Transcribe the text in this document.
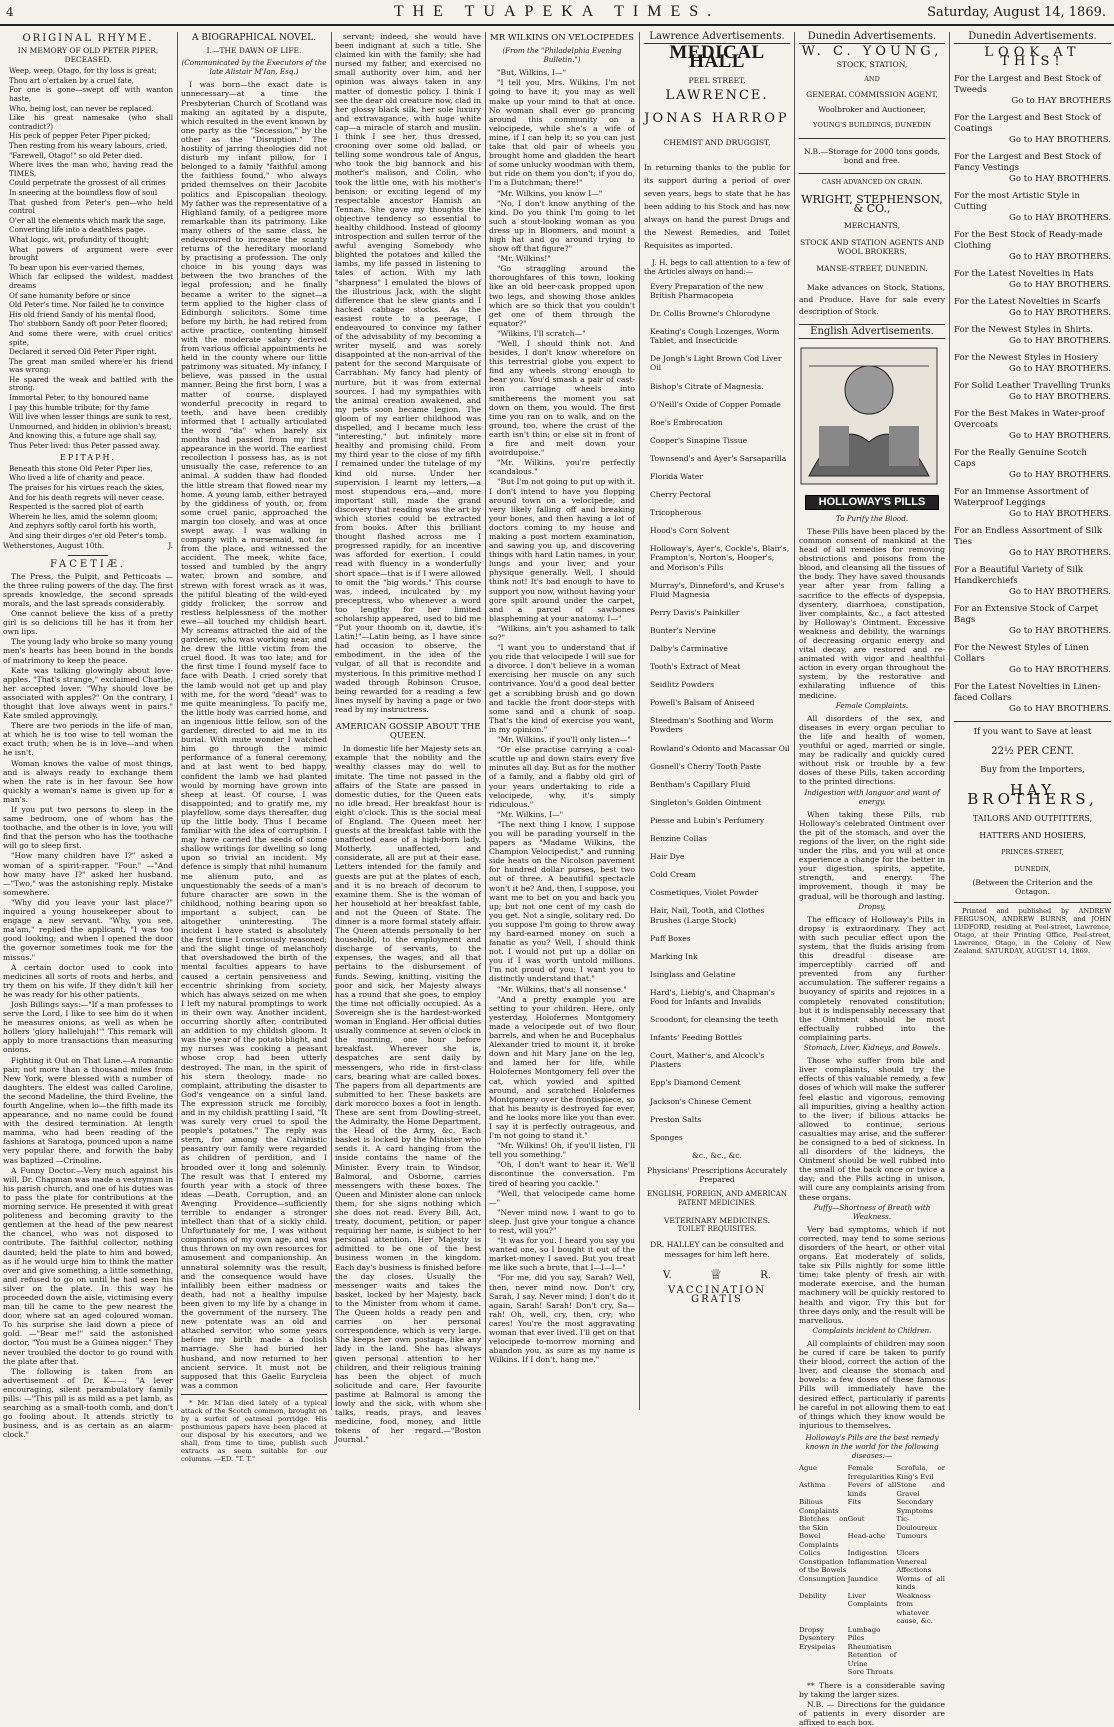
4	THE TUAPEKA TIMES.	Saturday, August 14, 1869.
ORIGINAL RHYME.
IN MEMORY OF OLD PETER PIPER, DECEASED.

Weep, weep, Otago, for thy loss is great;

Thou art o'ertaken by a cruel fate,

For one is gone—swept off with wanton haste,

Who, being lost, can never be replaced.

Like his great namesake (who shall contradict?)

His peck of pepper Peter Piper picked;

Then resting from his weary labours, cried,

"Farewell, Otago!" so old Peter died.

Where lives the man who, having read the TIMES,

Could perpetrate the grossest of all crimes

In sneering at the boundless flow of soul

That gushed from Peter's pen—who held control

O'er all the elements which mark the sage,

Converting life into a deathless page.

What logic, wit, profundity of thought;

What powers of argument were ever brought

To bear upon his ever-varied themes,

Which far eclipsed the wildest, maddest dreams

Of sane humanity before or since

Old Peter's time. Nor failed he to convince

His old friend Sandy of his mental flood,

Tho' stubborn Sandy oft poor Peter floored;

And some there were, with cruel critics' spite,

Declared it served Old Peter Piper right.

The great man smiled where'er his friend was wrong:

He spared the weak and battled with the strong.

Immortal Peter, to thy honoured name

I pay this humble tribute; for thy fame

Will live when lesser things are sunk to rest,

Unmourned, and hidden in oblivion's breast;

And knowing this, a future age shall say,

Thus Peter lived: thus Peter passed away.

EPITAPH.

Beneath this stone Old Peter Piper lies,

Who lived a life of charity and peace.

The praises for his virtues reach the skies,

And for his death regrets will never cease.

Respected is the sacred plot of earth

Wherein he lies, amid the solemn gloom;

And zephyrs softly carol forth his worth,

And sing their dirges o'er old Peter's tomb.

Wetherstones, August 10th.	J.
FACETIÆ.

The Press, the Pulpit, and Petticoats —the three ruling powers of the day. The first spreads knowledge, the second spreads morals, and the last spreads considerably.

One cannot believe the kiss of a pretty girl is so delicious till he has it from her own lips.

The young lady who broke so many young men's hearts has been bound in the bonds of matrimony to keep the peace.

Kate was talking glowingly about love-apples. "That's strange," exclaimed Charlie, her accepted lover. "Why should love be associated with apples?" On the contrary, I thought that love always went in pairs." Kate smiled approvingly.

There are two periods in the life of man, at which he is too wise to tell woman the exact truth; when he is in love—and when he isn't.

Woman knows the value of most things, and is always ready to exchange them when the rate is in her favour. See how quickly a woman's name is given up for a man's.

If you put two persons to sleep in the same bedroom, one of whom has the toothache, and the other is in love, you will find that the person who has the toothache will go to sleep first.

"How many children have I?" asked a woman of a spirit-rapper. "Four." —"And how many have I?" asked her husband.—"Two," was the astonishing reply. Mistake somewhere.

"Why did you leave your last place?" inquired a young housekeeper about to engage a new servant. "Why, you see, ma'am," replied the applicant, "I was too good looking; and when I opened the door the governor sometimes took me for the missus."

A certain doctor used to cook into medicines all sorts of roots and herbs, and try them on his wife. If they didn't kill her he was ready for his other patients.

Josh Billings says:—"If a man professes to serve the Lord, I like to see him do it when he measures onions, as well as when he hollers 'glory hallelujah!'" This remark will apply to more transactions than measuring onions.

Fighting it Out on That Line.—A romantic pair, not more than a thousand miles from New York, were blessed with a number of daughters. The eldest was called Caroline, the second Madeline, the third Eveline, the fourth Angeline, when lo—the fifth made its appearance, and no name could be found with the desired termination. At length mamma, who had been reading of the fashions at Saratoga, pounced upon a name very popular there, and forwith the baby was baptized —Crinoline.

A Funny Doctor.—Very much against his will, Dr. Chapman was made a vestryman in his parish church, and one of his duties was to pass the plate for contributions at the morning service. He presented it with great politeness and becoming gravity to the gentlemen at the head of the pew nearest the chancel, who was not disposed to contribute. The faithful collector, nothing daunted, held the plate to him and bowed, as if he would urge him to think the matter over and give something, a little something, and refused to go on until he had seen his silver on the plate. In this way he proceeded down the aisle, victimising every man till he came to the pew nearest the door, where sat an aged coloured woman. To his surprise she laid down a piece of gold. —"Bear me!" said the astonished doctor, "You must be a Guinea nigger." They never troubled the doctor to go round with the plate after that.

The following is taken from an advertisement of Dr. K——: "A lever encouraging, silent perambulatory family pills: —"This pill is as mild as a pet lamb, as searching as a small-tooth comb, and don't go fooling about. It attends strictly to business, and is as certain as an alarm-clock."

A BIOGRAPHICAL NOVEL.
I.—THE DAWN OF LIFE.
(Communicated by the Executors of the late Alistair M'Ian, Esq.)

I was born—the exact date is unnecessary—at a time the Presbyterian Church of Scotland was making an agitated by a dispute, which resulted in the event known by one party as the "Secession," by the other as the "Disruption." The hostility of jarring theologies did not disturb my infant pillow, for I belonged to a family "faithful among the faithless found," who always prided themselves on their Jacobite politics and Episcopalian theology. My father was the representative of a Highland family, of a pedigree more remarkable than its patrimony. Like many others of the same class, he endeavoured to increase the scanty returns of the hereditary moorland by practising a profession. The only choice in his young days was between the two branches of the legal profession; and he finally became a writer to the signet—a term applied to the higher class of Edinburgh solicitors. Some time before my birth, he had retired from active practice, contenting himself with the moderate salary derived from various official appointments he held in the county where our little patrimony was situated. My infancy, I believe, was passed in the usual manner. Being the first born, I was a matter of course, displayed wonderful precocity in regard to teeth, and have been credibly informed that I actually articulated the word "da" when barely six months had passed from my first appearance in the world. The earliest recollection I possess has, as is not unusually the case, reference to an animal. A sudden thaw had flooded the little stream that flowed near my home. A young lamb, either betrayed by the giddiness of youth, or, from some cruel panic, approached the margin too closely, and was at once swept away. I was walking in company with a nursemaid, not far from the place, and witnessed the accident. The meek, white face, tossed and tumbled by the angry water, brown and sombre, and strewn with forest wrack as it was, the pitiful bleating of the wild-eyed giddy frolicker, the sorrow and restless helplessness of the mother ewe—all touched my childish heart. My screams attracted the aid of the gardener, who was working near, and he drew the little victim from the cruel flood. It was too late; and for the first time I found myself face to face with Death. I cried sorely that the lamb would not get up and play with me, for the word "dead" was to me quite meaningless. To pacify me, the little body was carried home, and an ingenious little fellow, son of the gardener, directed to aid me in its burial. With mute wonder I watched him go through the mimic performance of a funeral ceremony, and at last went to bed happy, confident the lamb we had planted would by morning have grown into sheep at least. Of course, I was disappointed; and to gratify me, my playfellow, some days thereafter, dug up the little body. Thus I became familiar with the idea of corruption. I may have carried the seeds of some shallow writings for dwelling so long upon so trivial an incident. My defence is simply that nihil humanum me alienum puto, and as unquestionably the seeds of a man's future character are sown in the childhood, nothing bearing upon so important a subject, can be altogether uninteresting. The incident I have stated is absolutely the first time I consciously reasoned; and the slight tinge of melancholy that overshadowed the birth of the mental faculties appears to have caused a certain pensiveness and eccentric shrinking from society, which has always seized on me when I left my natural promptings to work in their own way. Another incident, occurring shortly after, contributed an addition to my childish gloom. It was the year of the potato blight, and my nurses was cooking a peasant whose crop had been utterly destroyed. The man, in the spirit of his stern theology, made no complaint, attributing the disaster to God's vengeance on a sinful land. The expression struck me forcibly, and in my childish prattling I said, "It was surely very cruel to spoil the people's potatoes." The reply was stern, for among the Calvinistic peasantry our family were regarded as children of perdition, and I brooded over it long and solemnly. The result was that I entered my fourth year with a stock of three ideas —Death, Corruption, and an Avenging Providence—sufficiently terrible to endanger a stronger intellect than that of a sickly child. Unfortunately for me, I was without companions of my own age, and was thus thrown on my own resources for amusement and companionship. An unnatural solemnity was the result, and the consequence would have infallibly been either madness or death, had not a healthy impulse been given to my life by a change in the government of the nursery. The new potentate was an old and attached servitor, who some years before my birth made a foolish marriage. She had buried her husband, and now returned to her ancient service. It must not be supposed that this Gaelic Eurycleia was a common

* Mr. M'Ian died lately of a typical attack of the Scotch common, brought on by a surfeit of oatmeal porridge. His posthumous papers have been placed at our disposal by his executors, and we shall, from time to time, publish such extracts as seem suitable for our columns. —ED. "T. T."

servant; indeed, she would have been indignant at such a title. She claimed kin with the family; she had nursed my father, and exercised no small authority over him, and her opinion was always taken in any matter of domestic policy. I think I see the dear old creature now, clad in her glossy black silk, her sole luxury and extravagance, with huge white cap—a miracle of starch and muslin. I think I see her, thus dressed, crooning over some old ballad, or telling some wondrous tale of Angus, who took the big bannock and his mother's malison, and Colin, who took the little one, with his mother's benison; or exciting legend of my respectable ancestor Hamish an Tennan. She gave my thoughts the objective tendency so essential to healthy childhood. Instead of gloomy introspection and sullen terror of the awful avenging Somebody who blighted the potatoes and killed the lambs, my life passed in listening to tales of action. With my lath "sharpness" I emulated the blows of the illustrious Jack, with the slight difference that he slew giants and I hacked cabbage stocks. As the easiest route to a peerage, I endeavoured to convince my father of the advisability of my becoming a writer myself, and was sorely disappointed at the non-arrival of the patent for the second Marquisate of Carrabhan. My fancy had plenty of nurture, but it was from external sources. I had my sympathies with the animal creation awakened, and my pets soon became legion. The gloom of my earlier childhood was dispelled, and I became much less "interesting," but infinitely more healthy and promising child. From my third year to the close of my fifth I remained under the tutelage of my kind old nurse. Under her supervision I learnt my letters,—a most stupendous era,—and, more important still, made the grand discovery that reading was the art by which stories could be extracted from books. After this brilliant thought flashed across me I progressed rapidly, for an incentive was afforded for exertion. I could read with fluency in a wonderfully short space—that is if I were allowed to omit the "big words." This course was, indeed, inculcated by my preceptress, who whenever a word too lengthy for her limited scholarship appeared, used to bid me "Put your thoomb on it, dawtie, it's Latin!"—Latin being, as I have since had occasion to observe, the embodiment, in the idea of the vulgar, of all that is recondite and mysterious. In this primitive method I waded through Robinson Crusoe, being rewarded for a reading a few lines myself by having a page or two read by my instructress.

AMERICAN GOSSIP ABOUT THE QUEEN.

In domestic life her Majesty sets an example that the nobility and the wealthy classes may do well to imitate. The time not passed in the affairs of the State are passed in domestic duties, for the Queen eats no idle bread. Her breakfast hour is eight o'clock. This is the social meal of England. The Queen meet her guests at the breakfast table with the unaffected ease of a high-born lady. Motherly, unaffected, and considerate, all are put at their ease. Letters intended for the family and guests are put at the plates of each, and it is no breach of decorum to examine them. She is the woman of her household at her breakfast table, and not the Queen of State. The dinner is a more formal stately affair. The Queen attends personally to her household, to the employment and discharge of servants, to the expenses, the wages, and all that pertains to the disbursement of funds. Sewing, knitting, visiting the poor and sick, her Majesty always has a round that she goes, to employ the time not officially occupied. As a Sovereign she is the hardest-worked woman in England. Her official duties usually commence at seven o'clock in the morning, one hour before breakfast. Wherever she is, despatches are sent daily by messengers, who ride in first-class cars, bearing what are called boxes. The papers from all departments are submitted to her. These baskets are dark morocco boxes a foot in length. These are sent from Dowling-street, the Admiralty, the Home Department, the Head of the Army, &c. Each basket is locked by the Minister who sends it. A card hanging from the inside contains the name of the Minister. Every train to Windsor, Balmoral, and Osborne, carries messengers with these boxes. The Queen and Minister alone can unlock them, for she signs nothing which she does not read. Every Bill, Act, treaty, document, petition, or paper requiring her name, is subject to her personal attention. Her Majesty is admitted to be one of the best business women in the kingdom. Each day's business is finished before the day closes. Usually the messenger waits and takes the basket, locked by her Majesty, back to the Minister from whom it came. The Queen holds a ready pen and carries on her personal correspondence, which is very large. She keeps her own postage, like any lady in the land. She has always given personal attention to her children, and their religious training has been the object of much solicitude and care. Her favourite pastime at Balmoral is among the lowly and the sick, with whom she talks, reads, prays, and leaves medicine, food, money, and little tokens of her regard.—"Boston Journal."

MR WILKINS ON VELOCIPEDES
(From the "Philadelphia Evening Bulletin.")

"But, Wilkins, I—"

"I tell you, Mrs. Wilkins, I'm not going to have it; you may as well make up your mind to that at once. No woman shall ever go prancing around this community on a velocipede, while she's a wife of mine, if I can help it; so you can just take that old pair of wheels you brought home and gladden the heart of some unlucky woodman with them, but ride on them you don't; if you do, I'm a Dutchman; there!"

"Mr. Wilkins, you know I—"

"No, I don't know anything of the kind. Do you think I'm going to let such a stout-looking woman as you dress up in Bloomers, and mount a high hat and go around trying to show off that figure?"

"Mr. Wilkins!"

"Go straggling around the thoroughfares of this town, looking like an old beer-cask propped upon two legs, and showing those ankles which are so thick that you couldn't get one of them through the equator?"

"Wilkins, I'll scratch—"

"Well, I should think not. And besides, I don't know wherefore on this terrestrial globe you expect to find any wheels strong enough to bear you. You'd smash a pair of cast-iron carriage wheels into smithereens the moment you sat down on them, you would. The first time you ran on to walk, and on the ground, too, where the crust of the earth isn't thin; or else sit in front of a fire and melt down your avoirdupoise."

"Mr. Wilkins, you're perfectly scandalous."

"But I'm not going to put up with it. I don't intend to have you flopping around town on a velocipede, and very likely falling off and breaking your bones, and then having a lot of doctors coming to my house and making a post mortem examination, and sawing you up, and discovering things with hard Latin names, in your lungs and your liver, and your physique generally. Well, I should think not! It's bad enough to have to support you now, without having your gore spilt around under the carpet, and a parcel of sawbones blaspheming at your anatomy. I—"

"Wilkins, ain't you ashamed to talk so?"

"I want you to understand that if you ride that velocipede I will sue for a divorce. I don't believe in a woman exercising her muscle on any such contrivance. You'd a good deal better get a scrubbing brush and go down and tackle the front door-steps with some sand and a chunk of soap. That's the kind of exercise you want, in my opinion."

"Mr. Wilkins, if you'll only listen—"

"Or else practise carrying a coal-scuttle up and down stairs every five minutes all day. But as for the mother of a family, and a flabby old girl of your years undertaking to ride a velocipede, why, it's simply ridiculous."

"Mr. Wilkins, I—"

"The next thing I know, I suppose you will be parading yourself in the papers as "Madame Wilkins, the Champion Velocipedist," and running side heats on the Nicolson pavement for hundred dollar purses, best two out of three. A beautiful spectacle won't it be? And, then, I suppose, you want me to bet on you and back you up; but not one cent of my cash do you get. Not a single, solitary red. Do you suppose I'm going to throw away my hard-earned money on such a fanatic as you? Well, I should think not. I would not put up a dollar on you if I was worth untold millions. I'm not proud of you; I want you to distinctly understand that."

"Mr. Wilkins, that's all nonsense."

"And a pretty example you are setting to your children. Here, only yesterday, Holofernes Montgomery made a velocipede out of two flour barrels, and when he and Bucephalus Alexander tried to mount it, it broke down and hit Mary Jane on the leg, and lamed her for life, while Holofernes Montgomery fell over the cat, which yowled and spitted around, and scratched Holofernes Montgomery over the frontispiece, so that his beauty is destroyed for ever, and he looks more like you than ever. I say it is perfectly outrageous, and I'm not going to stand it."

"Mr. Wilkins! Oh, if you'll listen, I'll tell you something."

"Oh, I don't want to hear it. We'll discontinue the conversation. I'm tired of hearing you cackle."

"Well, that velocipede came home—"

"Never mind now. I want to go to sleep. Just give your tongue a chance to rest, will you?"

"It was for you. I heard you say you wanted one, so I bought it out of the market-money I saved. But you treat me like such a brute, that I—I—I—"

"For me, did you say, Sarah? Well, then, never mind now. Don't cry, Sarah, I say. Never mind; I don't do it again, Sarah! Sarah! Don't cry, Sa—rah! Oh, well, cry, then, cry; who cares! You're the most aggravating woman that ever lived. I'll get on that velocipede to-morrow morning and abandon you, as sure as my name is Wilkins. If I don't, hang me."

Lawrence Advertisements.
MEDICAL HALL
PEEL STREET,
LAWRENCE.
JONAS HARROP
CHEMIST AND DRUGGIST,

In returning thanks to the public for its support during a period of over seven years, begs to state that he has been adding to his Stock and has now always on hand the purest Drugs and the Newest Remedies, and Toilet Requisites as imported.

J. H. begs to call attention to a few of the Articles always on hand:—

Every Preparation of the new British Pharmacopeia
Dr. Collis Browne's Chlorodyne
Keating's Cough Lozenges, Worm Tablet, and Insecticide
De Jongh's Light Brown Cod Liver Oil
Bishop's Citrate of Magnesia.
O'Neill's Oxide of Copper Pomade
Roe's Embrocation
Cooper's Sinapine Tissue
Townsend's and Ayer's Sarsaparilla
Florida Water
Cherry Pectoral
Tricopherous
Hood's Corn Solvent
Holloway's, Ayer's, Cockle's, Blair's, Frampton's, Norton's, Hooper's, and Morison's Pills
Murray's, Dinneford's, and Kruse's Fluid Magnesia
Perry Davis's Painkiller
Bunter's Nervine
Dalby's Carminative
Tooth's Extract of Meat
Seidlitz Powders
Powell's Balsam of Aniseed
Steedman's Soothing and Worm Powders
Rowland's Odonto and Macassar Oil
Gosnell's Cherry Tooth Paste
Bentham's Capillary Fluid
Singleton's Golden Ointment
Piesse and Lubin's Perfumery
Benzine Collas
Hair Dye
Cold Cream
Cosmetiques, Violet Powder
Hair, Nail, Tooth, and Clothes Brushes (Large Stock)
Puff Boxes
Marking Ink
Isinglass and Gelatine
Hard's, Liebig's, and Chapman's Food for Infants and Invalids
Scoodont, for cleansing the teeth
Infants' Feeding Bottles
Court, Mather's, and Alcock's Plasters
Epp's Diamond Cement
Jackson's Chinese Cement
Preston Salts
Sponges
&c., &c., &c.
Physicians' Prescriptions Accurately Prepared
ENGLISH, FOREIGN, AND AMERICAN PATENT MEDICINES.
VETERINARY MEDICINES.
TOILET REQUISITES.
DR. HALLEY can be consulted and messages for him left here.
V.	♕	R.
VACCINATION GRATIS
Dunedin Advertisements.
W. C. YOUNG,
STOCK, STATION,
AND
GENERAL COMMISSION AGENT,
Woolbroker and Auctioneer,
YOUNG'S BUILDINGS, DUNEDIN
N.B.—Storage for 2000 tons goods, bond and free.
CASH ADVANCED ON GRAIN.
WRIGHT, STEPHENSON, & CO.,
MERCHANTS,
STOCK AND STATION AGENTS AND WOOL BROKERS,
MANSE-STREET, DUNEDIN.

Make advances on Stock, Stations, and Produce. Have for sale every description of Stock.

English Advertisements.
HOLLOWAY'S PILLS
To Purify the Blood.

These Pills have been placed by the common consent of mankind at the head of all remedies for removing obstructions and poisons from the blood, and cleansing all the tissues of the body. They have saved thousands year after year from falling a sacrifice to the effects of dyspepsia, dysentery, diarrhoea, constipation, liver complaints, &c., a fact attested by Holloway's Ointment. Excessive weakness and debility, the warnings of decreasing organic energy and vital decay, are restored and re-animated with vigor and healthful action in every organ throughout the system, by the restorative and exhilarating influence of this medicine.

Female Complaints.

All disorders of the sex, and diseases in every organ peculiar to the life and health of women, youthful or aged, married or single, may be radically and quickly cured without risk or trouble by a few doses of these Pills, taken according to the printed directions.

Indigestion with languor and want of energy.

When taking these Pills, rub Holloway's celebrated Ointment over the pit of the stomach, and over the regions of the liver, on the right side under the ribs, and you will at once experience a change for the better in your digestion, spirits, appetite, strength, and energy. The improvement, though it may be gradual, will be thorough and lasting.

Dropsy.

The efficacy of Holloway's Pills in dropsy is extraordinary. They act with such peculiar effect upon the system, that the fluids arising from this dreadful disease are imperceptibly carried off and prevented from any further accumulation. The sufferer regains a buoyancy of spirits and rejoices in a completely renovated constitution; but it is indispensably necessary that the Ointment should be most effectually rubbed into the complaining parts.

Stomach, Liver, Kidneys, and Bowels.

Those who suffer from bile and liver complaints, should try the effects of this valuable remedy, a few doses of which will make the sufferer feel elastic and vigorous, removing all impurities, giving a healthy action to the liver; if bilious attacks be allowed to continue, serious casualties may arise, and the sufferer be consigned to a bed of sickness. In all disorders of the kidneys, the Ointment should be well rubbed into the small of the back once or twice a day; and the Pills acting in unison, will cure any complaints arising from these organs.

Puffy—Shortness of Breath with Weakness.

Very bad symptoms, which if not corrected, may tend to some serious disorders of the heart, or other vital organs. Eat moderately of solids, take six Pills nightly for some little time; take plenty of fresh air with moderate exercise, and the human machinery will be quickly restored to health and vigor. Try this but for three days only, and the result will be marvellous.

Complaints incident to Children.

All complaints of children may soon be cured if care be taken to purify their blood, correct the action of the liver, and cleanse the stomach and bowels: a few doses of these famous Pills will immediately have the desired effect, particularly if parents be careful in not allowing them to eat of things which they know would be injurious to themselves.

Holloway's Pills are the best remedy known in the world for the following diseases:—
Ague	Female Irregularities
Scrofula, or King's Evil
Asthma	Fevers of all kinds
Stone and Gravel
Bilious Complaints
Fits	Secondary Symptoms
Blotches on the Skin
Gout	Tic-Douloureux
Bowel Complaints
Head-ache	Tumours
Colics	Indigestion	Ulcers
Constipation of the Bowels
Inflammation Venereal Affections
Consumption Jaundice	Worms of all kinds
Debility	Liver Complaints
Weakness from whatever cause, &c.
Dropsy	Lumbago
Dysentery	Piles
Erysipelas	Rheumatism
Retention of Urine
Sore Throats

** There is a considerable saving by taking the larger sizes.

N.B. — Directions for the guidance of patients in every disorder are affixed to each box.

Dunedin Advertisements.
LOOK AT THIS!
For the Largest and Best Stock of Tweeds
Go to HAY BROTHERS
For the Largest and Best Stock of Coatings
Go to HAY BROTHERS.
For the Largest and Best Stock of Fancy Vestings
Go to HAY BROTHERS.
For the most Artistic Style in Cutting
Go to HAY BROTHERS.
For the Best Stock of Ready-made Clothing
Go to HAY BROTHERS.
For the Latest Novelties in Hats
Go to HAY BROTHERS.
For the Latest Novelties in Scarfs
Go to HAY BROTHERS.
For the Newest Styles in Shirts.
Go to HAY BROTHERS.
For the Newest Styles in Hosiery
Go to HAY BROTHERS.
For Solid Leather Travelling Trunks
Go to HAY BROTHERS.
For the Best Makes in Water-proof Overcoats
Go to HAY BROTHERS.
For the Really Genuine Scotch Caps
Go to HAY BROTHERS.
For an Immense Assortment of Waterproof Leggings
Go to HAY BROTHERS.
For an Endless Assortment of Silk Ties
Go to HAY BROTHERS.
For a Beautiful Variety of Silk Handkerchiefs
Go to HAY BROTHERS.
For an Extensive Stock of Carpet Bags
Go to HAY BROTHERS.
For the Newest Styles of Linen Collars
Go to HAY BROTHERS.
For the Latest Novelties in Linen-faced Collars
Go to HAY BROTHERS.
If you want to Save at least
22½ PER CENT.
Buy from the Importers,
HAY BROTHERS,
TAILORS AND OUTFITTERS,
HATTERS AND HOSIERS,
PRINCES-STREET,
DUNEDIN,
(Between the Criterion and the Octagon.

Printed and published by ANDREW FERGUSON, ANDREW BURNS, and JOHN LUDFORD, residing at Peel-street, Lawrence, Otago, at their Printing Office, Peel-street, Lawrence, Otago, in the Colony of New Zealand. SATURDAY, AUGUST 14, 1869.
